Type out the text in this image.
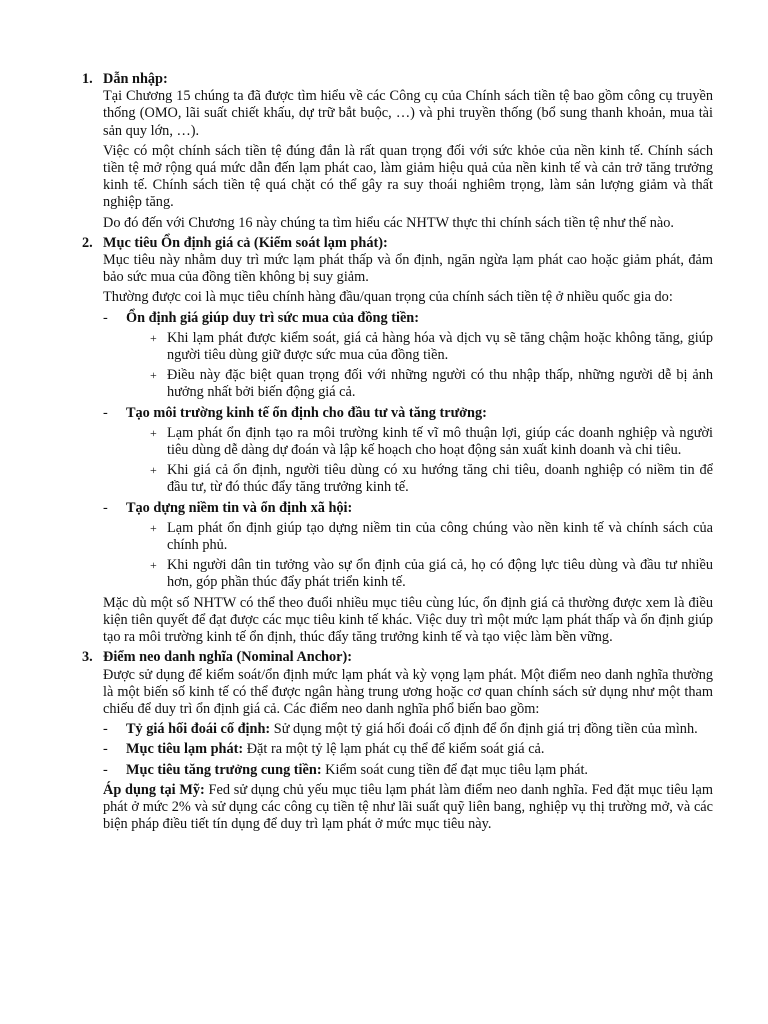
1. Dẫn nhập:
Tại Chương 15 chúng ta đã được tìm hiểu về các Công cụ của Chính sách tiền tệ bao gồm công cụ truyền thống (OMO, lãi suất chiết khấu, dự trữ bắt buộc, …) và phi truyền thống (bổ sung thanh khoản, mua tài sản quy lớn, …).
Việc có một chính sách tiền tệ đúng đắn là rất quan trọng đối với sức khỏe của nền kinh tế. Chính sách tiền tệ mở rộng quá mức dẫn đến lạm phát cao, làm giảm hiệu quả của nền kinh tế và cản trở tăng trưởng kinh tế. Chính sách tiền tệ quá chặt có thể gây ra suy thoái nghiêm trọng, làm sản lượng giảm và thất nghiệp tăng.
Do đó đến với Chương 16 này chúng ta tìm hiểu các NHTW thực thi chính sách tiền tệ như thế nào.
2. Mục tiêu Ổn định giá cả (Kiểm soát lạm phát):
Mục tiêu này nhằm duy trì mức lạm phát thấp và ổn định, ngăn ngừa lạm phát cao hoặc giảm phát, đảm bảo sức mua của đồng tiền không bị suy giảm.
Thường được coi là mục tiêu chính hàng đầu/quan trọng của chính sách tiền tệ ở nhiều quốc gia do:
- Ổn định giá giúp duy trì sức mua của đồng tiền:
+ Khi lạm phát được kiểm soát, giá cả hàng hóa và dịch vụ sẽ tăng chậm hoặc không tăng, giúp người tiêu dùng giữ được sức mua của đồng tiền.
+ Điều này đặc biệt quan trọng đối với những người có thu nhập thấp, những người dễ bị ảnh hưởng nhất bởi biến động giá cả.
- Tạo môi trường kinh tế ổn định cho đầu tư và tăng trưởng:
+ Lạm phát ổn định tạo ra môi trường kinh tế vĩ mô thuận lợi, giúp các doanh nghiệp và người tiêu dùng dễ dàng dự đoán và lập kế hoạch cho hoạt động sản xuất kinh doanh và chi tiêu.
+ Khi giá cả ổn định, người tiêu dùng có xu hướng tăng chi tiêu, doanh nghiệp có niềm tin để đầu tư, từ đó thúc đẩy tăng trưởng kinh tế.
- Tạo dựng niềm tin và ổn định xã hội:
+ Lạm phát ổn định giúp tạo dựng niềm tin của công chúng vào nền kinh tế và chính sách của chính phủ.
+ Khi người dân tin tưởng vào sự ổn định của giá cả, họ có động lực tiêu dùng và đầu tư nhiều hơn, góp phần thúc đẩy phát triển kinh tế.
Mặc dù một số NHTW có thể theo đuổi nhiều mục tiêu cùng lúc, ổn định giá cả thường được xem là điều kiện tiên quyết để đạt được các mục tiêu kinh tế khác. Việc duy trì một mức lạm phát thấp và ổn định giúp tạo ra môi trường kinh tế ổn định, thúc đẩy tăng trưởng kinh tế và tạo việc làm bền vững.
3. Điểm neo danh nghĩa (Nominal Anchor):
Được sử dụng để kiểm soát/ổn định mức lạm phát và kỳ vọng lạm phát. Một điểm neo danh nghĩa thường là một biến số kinh tế có thể được ngân hàng trung ương hoặc cơ quan chính sách sử dụng như một tham chiếu để duy trì ổn định giá cả. Các điểm neo danh nghĩa phổ biến bao gồm:
- Tỷ giá hối đoái cố định: Sử dụng một tỷ giá hối đoái cố định để ổn định giá trị đồng tiền của mình.
- Mục tiêu lạm phát: Đặt ra một tỷ lệ lạm phát cụ thể để kiểm soát giá cả.
- Mục tiêu tăng trưởng cung tiền: Kiểm soát cung tiền để đạt mục tiêu lạm phát.
Áp dụng tại Mỹ: Fed sử dụng chủ yếu mục tiêu lạm phát làm điểm neo danh nghĩa. Fed đặt mục tiêu lạm phát ở mức 2% và sử dụng các công cụ tiền tệ như lãi suất quỹ liên bang, nghiệp vụ thị trường mở, và các biện pháp điều tiết tín dụng để duy trì lạm phát ở mức mục tiêu này.
